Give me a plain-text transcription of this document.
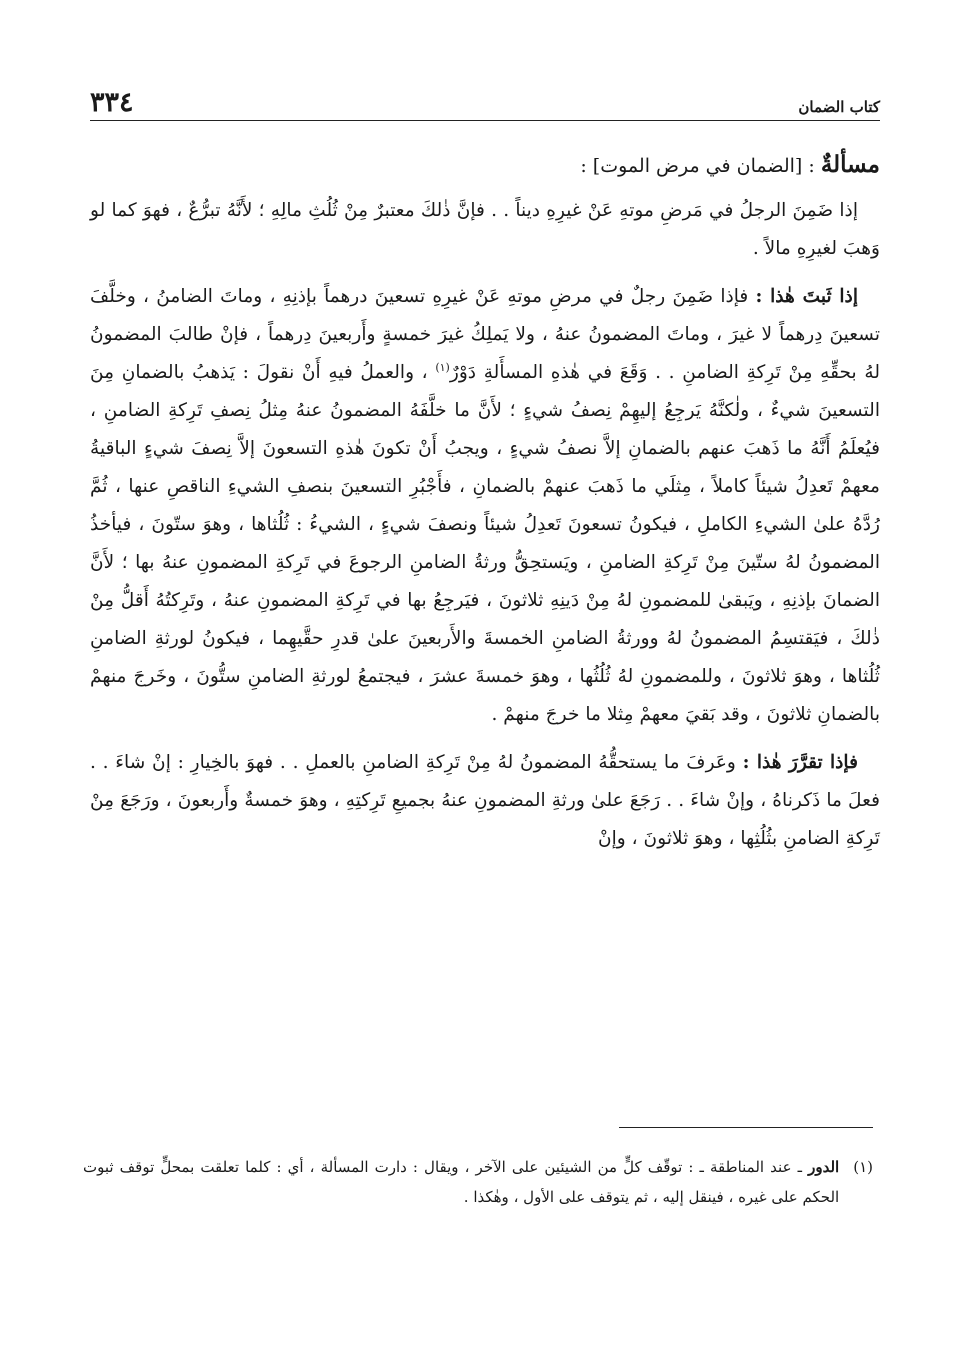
كتاب الضمان
٣٣٤
مسألةٌ : [الضمان في مرض الموت] :

إذا ضَمِنَ الرجلُ في مَرضِ موتهِ عَنْ غيرِهِ ديناً . . فإنَّ ذٰلكَ معتبرٌ مِنْ ثُلُثِ مالِهِ ؛ لأَنَّهُ تبرُّعٌ ، فهوَ كما لو وَهبَ لغيرِهِ مالاً .

إذا ثَبتَ هٰذا : فإذا ضَمِنَ رجلٌ في مرضِ موتهِ عَنْ غيرِهِ تسعينَ درهماً بإذنِهِ ، وماتَ الضامنُ ، وخلَّفَ تسعينَ دِرهماً لا غيرَ ، وماتَ المضمونُ عنهُ ، ولا يَملِكُ غيرَ خمسةٍ وأَربعينَ دِرهماً ، فإنْ طالبَ المضمونُ لهُ بحقِّهِ مِنْ تَرِكةِ الضامنِ . . وَقَعَ في هٰذهِ المسأَلةِ دَوْرٌ$^{(١)}$ ، والعملُ فيهِ أَنْ نقولَ : يَذهبُ بالضمانِ مِنَ التسعينَ شيءٌ ، ولٰكنَّهُ يَرجِعُ إليهِمْ نِصفُ شيءٍ ؛ لأَنَّ ما خلَّفَهُ المضمونُ عنهُ مِثلُ نِصفِ تَرِكةِ الضامنِ ، فيُعلَمُ أَنَّهُ ما ذَهبَ عنهم بالضمانِ إلاَّ نصفُ شيءٍ ، ويجبُ أَنْ تكونَ هٰذهِ التسعونَ إلاَّ نِصفَ شيءٍ الباقيةُ معهمْ تَعدِلُ شيئاً كاملاً ، مِثلَي ما ذَهبَ عنهمْ بالضمانِ ، فأَجْبُرِ التسعينَ بنصفِ الشيءِ الناقصِ عنها ، ثُمَّ رُدَّهُ علىٰ الشيءِ الكاملِ ، فيكونُ تسعونَ تَعدِلُ شيئاً ونصفَ شيءٍ ، الشيءُ : ثُلُثاها ، وهوَ ستّونَ ، فيأخذُ المضمونُ لهُ ستّينَ مِنْ تَرِكةِ الضامنِ ، ويَستحِقُّ ورثةُ الضامنِ الرجوعَ في تَرِكةِ المضمونِ عنهُ بها ؛ لأَنَّ الضمانَ بإذنِهِ ، ويَبقىٰ للمضمونِ لهُ مِنْ دَينِهِ ثلاثونَ ، فيَرجِعُ بها في تَرِكةِ المضمونِ عنهُ ، وتَرِكتُهُ أَقلُّ مِنْ ذٰلكَ ، فيَقتسِمُ المضمونُ لهُ وورثةُ الضامنِ الخمسةَ والأَربعينَ علىٰ قدرِ حقَّيهِما ، فيكونُ لورثةِ الضامنِ ثُلُثاها ، وهوَ ثلاثونَ ، وللمضمونِ لهُ ثُلُثُها ، وهوَ خمسةَ عشرَ ، فيجتمعُ لورثةِ الضامنِ ستُّونَ ، وخَرجَ منهمْ بالضمانِ ثلاثونَ ، وقد بَقيَ معهمْ مِثلا ما خرجَ منهمْ .

فإذا تقرَّرَ هٰذا : وعَرفَ ما يستحقُّهُ المضمونُ لهُ مِنْ تَرِكةِ الضامنِ بالعملِ . . فهوَ بالخِيارِ : إنْ شاءَ . . فعلَ ما ذَكرناهُ ، وإنْ شاءَ . . رَجَعَ علىٰ ورثةِ المضمونِ عنهُ بجميعِ تَرِكتِهِ ، وهوَ خمسةٌ وأَربعونَ ، ورَجَعَ مِنْ تَرِكةِ الضامنِ بثُلُثِها ، وهوَ ثلاثونَ ، وإنْ

(١)
الدور ـ عند المناطقة ـ : توقّف كلٍّ من الشيئين على الآخر ، ويقال : دارت المسألة ، أي : كلما تعلقت بمحلٍّ توقف ثبوت الحكم على غيره ، فينقل إليه ، ثم يتوقف على الأول ، وهٰكذا .
